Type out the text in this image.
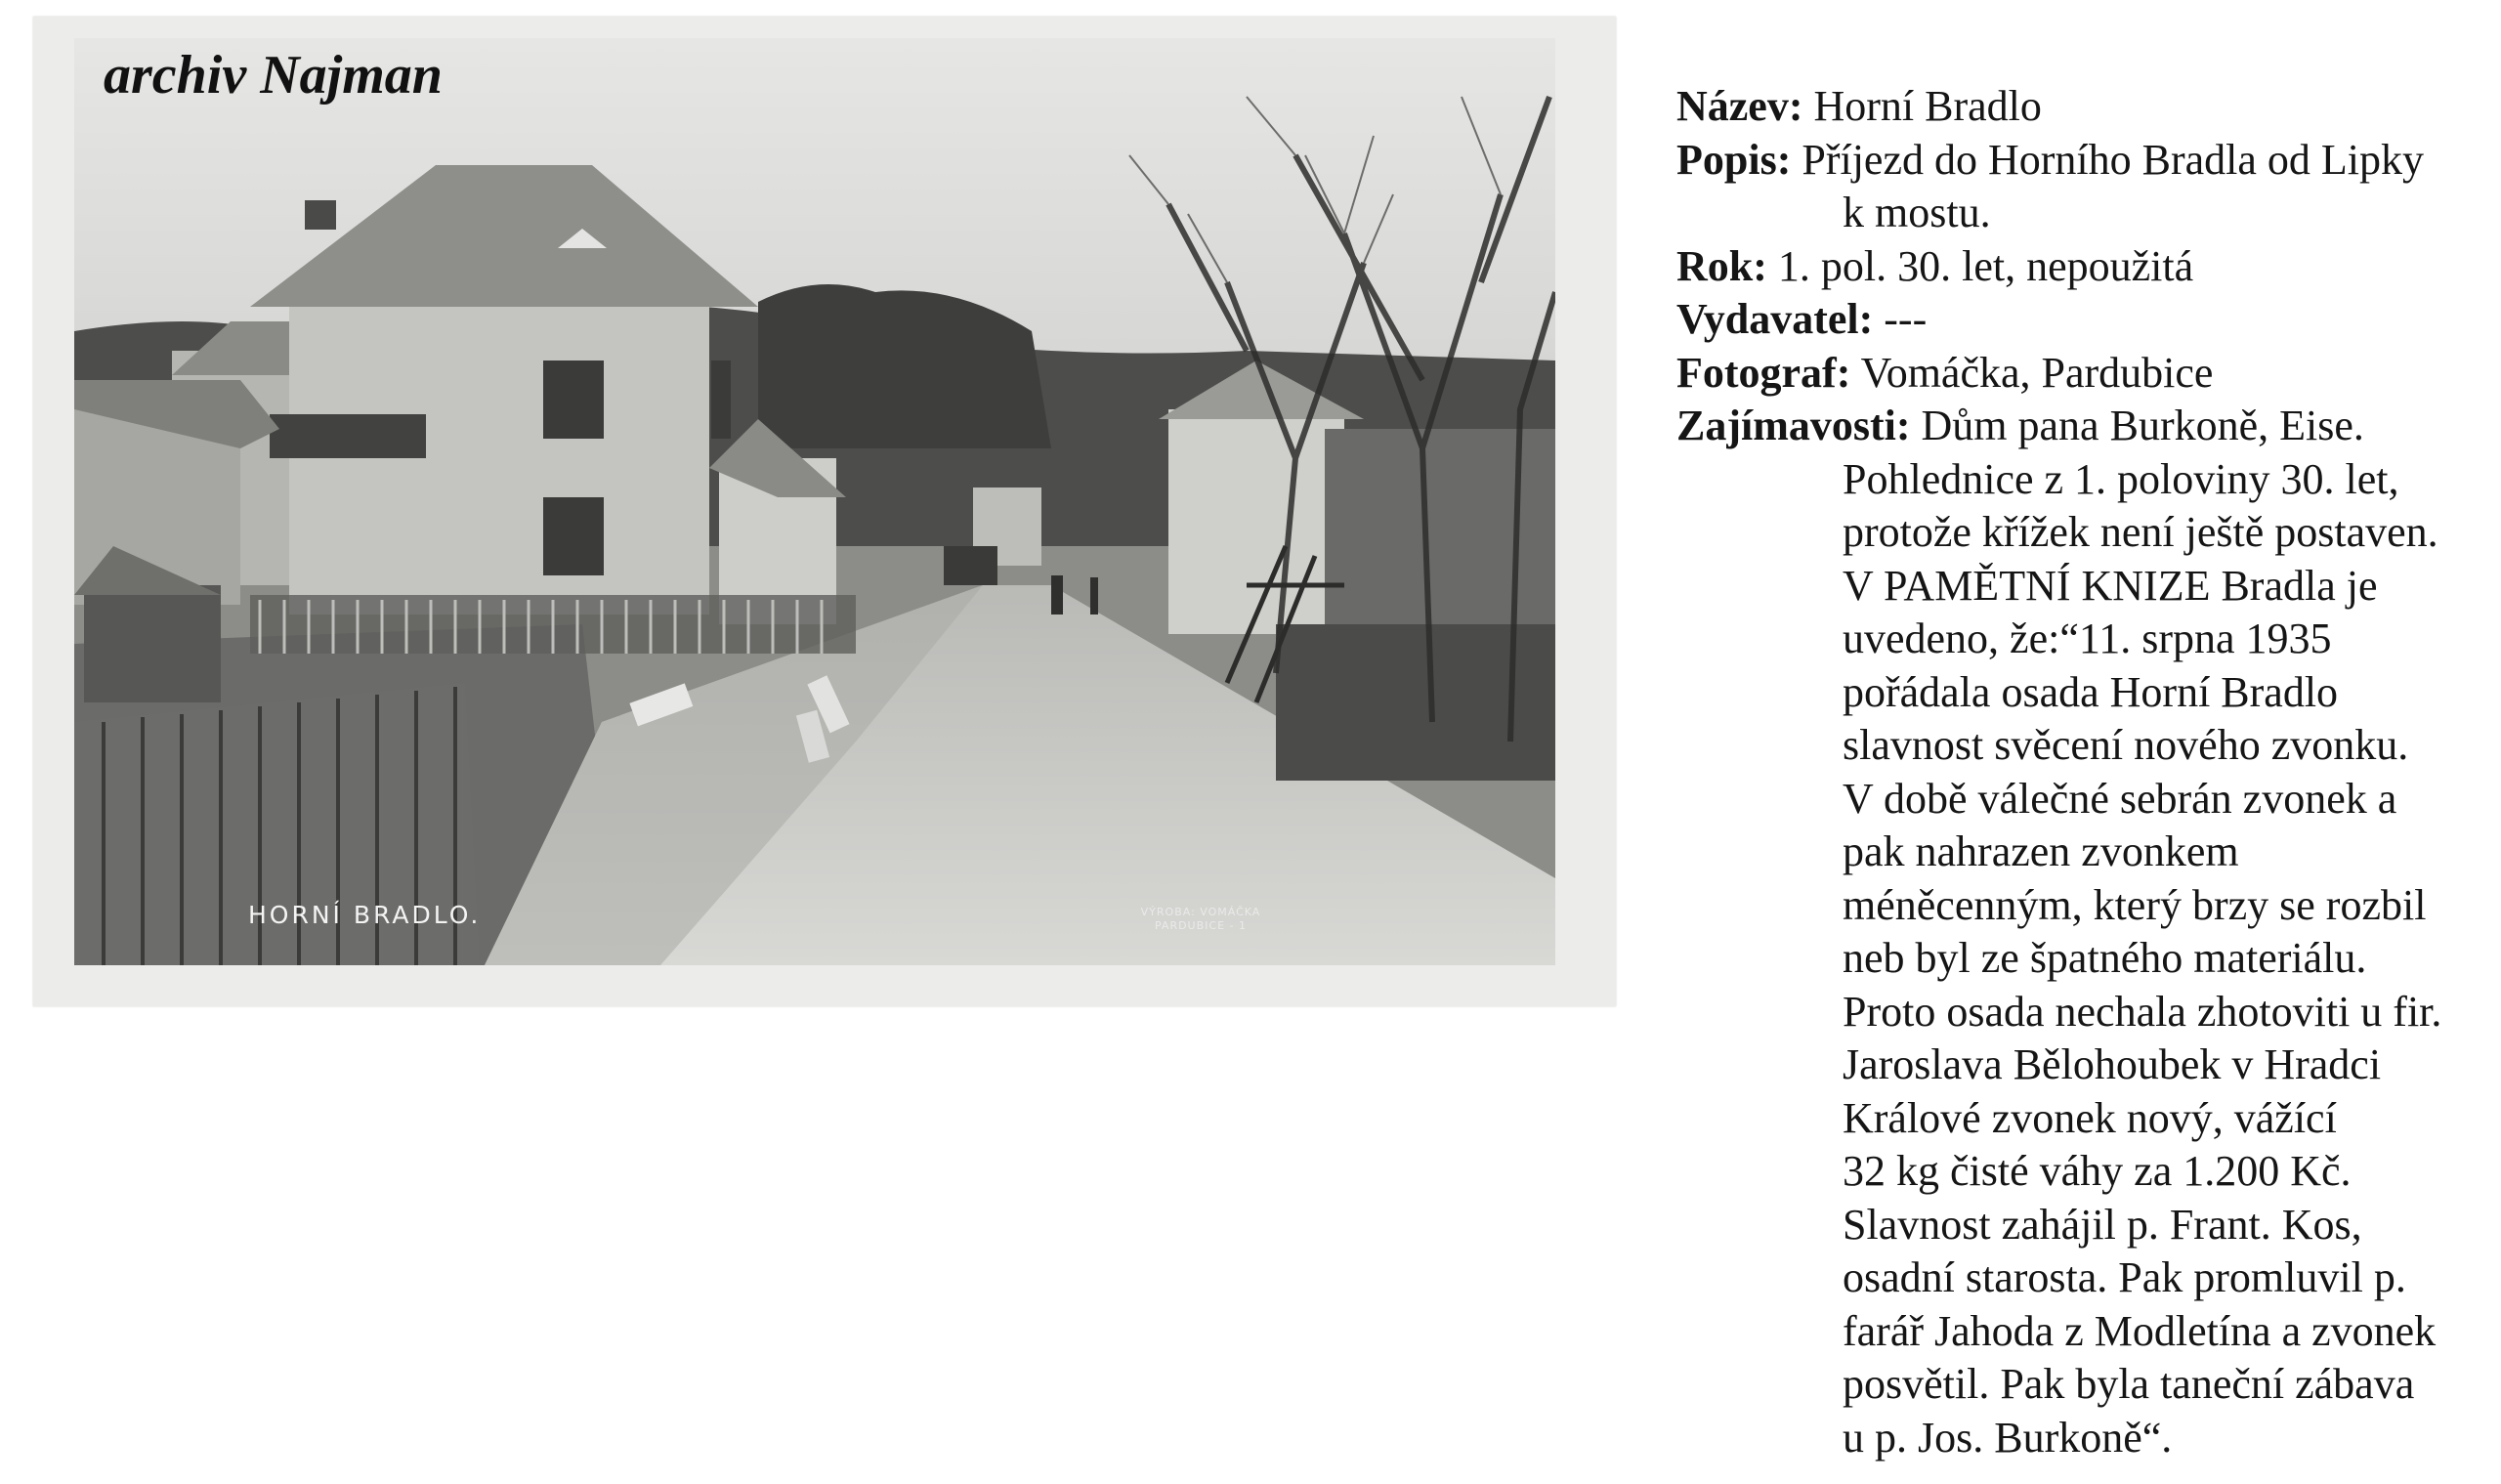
archiv Najman
HORNÍ BRADLO.	VÝROBA: VOMÁČKA PARDUBICE - 1
Název: Horní Bradlo
Popis: Příjezd do Horního Bradla od Lipky
k mostu.
Rok: 1. pol. 30. let, nepoužitá
Vydavatel: ---
Fotograf: Vomáčka, Pardubice
Zajímavosti: Dům pana Burkoně, Eise.
Pohlednice z 1. poloviny 30. let,
protože křížek není ještě postaven.
V PAMĚTNÍ KNIZE Bradla je
uvedeno, že:“11. srpna 1935
pořádala osada Horní Bradlo
slavnost svěcení nového zvonku.
V době válečné sebrán zvonek a
pak nahrazen zvonkem
méněcenným, který brzy se rozbil
neb byl ze špatného materiálu.
Proto osada nechala zhotoviti u fir.
Jaroslava Bělohoubek v Hradci
Králové zvonek nový, vážící
32 kg čisté váhy za 1.200 Kč.
Slavnost zahájil p. Frant. Kos,
osadní starosta. Pak promluvil p.
farář Jahoda z Modletína a zvonek
posvětil. Pak byla taneční zábava
u p. Jos. Burkoně“.
